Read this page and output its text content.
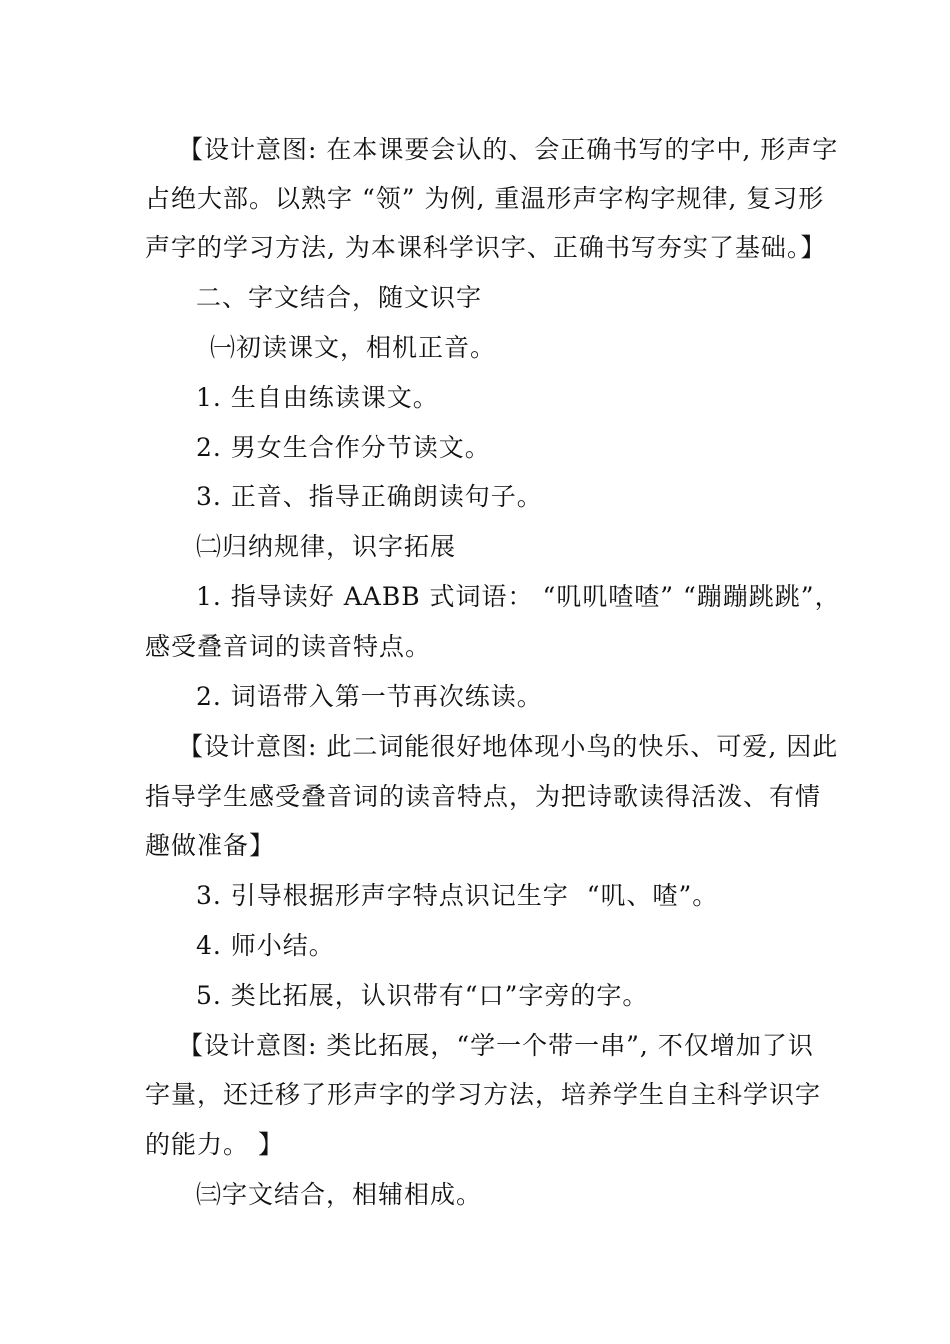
【设计意图: 在本课要会认的、会正确书写的字中, 形声字
占绝大部。以熟字 “领” 为例, 重温形声字构字规律, 复习形
声字的学习方法, 为本课科学识字、正确书写夯实了基础。】
二、字文结合，随文识字
㈠初读课文，相机正音。
1. 生自由练读课文。
2. 男女生合作分节读文。
3. 正音、指导正确朗读句子。
㈡归纳规律，识字拓展
1. 指导读好 AABB 式词语： “叽叽喳喳” “蹦蹦跳跳”，
感受叠音词的读音特点。
2. 词语带入第一节再次练读。
【设计意图: 此二词能很好地体现小鸟的快乐、可爱, 因此
指导学生感受叠音词的读音特点，为把诗歌读得活泼、有情
趣做准备】
3. 引导根据形声字特点识记生字  “叽、喳”。
4. 师小结。
5. 类比拓展，认识带有“口”字旁的字。
【设计意图: 类比拓展，“学一个带一串”, 不仅增加了识
字量，还迁移了形声字的学习方法，培养学生自主科学识字
的能力。 】
㈢字文结合，相辅相成。
